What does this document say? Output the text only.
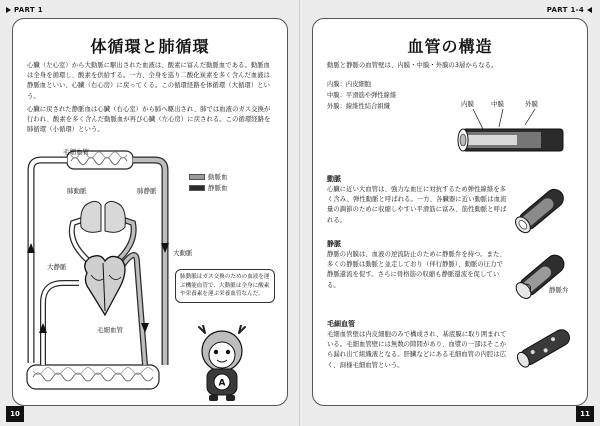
PART 1
体循環と肺循環
心臓（左心室）から大動脈に駆出された血液は、酸素に富んだ動脈血である。動脈血は全身を循環し、酸素を供給する。一方、全身を巡り二酸化炭素を多く含んだ血液は静脈血といい、心臓（右心房）に戻ってくる。この循環経路を体循環（大循環）という。
心臓に戻された静脈血は心臓（右心室）から肺へ駆出され、肺では血液のガス交換が行われ、酸素を多く含んだ動脈血が再び心臓（左心房）に戻される。この循環経路を肺循環（小循環）という。
毛細血管
肺動脈	肺静脈
大動脈
大静脈
毛細血管
動脈血
静脈血
肺動脈はガス交換のための血液を運ぶ機能血管で、大動脈は全身に酸素や栄養素を運ぶ栄養血管なんだ。
A
10
PART 1-4
血管の構造
動脈と静脈の血管壁は、内膜・中膜・外膜の3層からなる。
内膜：内皮細胞
中膜：平滑筋や弾性線維
外膜：線維性結合組織	内膜	中膜	外膜
動脈
心臓に近い大血管は、強力な血圧に対抗するため弾性線維を多く含み、弾性動脈と呼ばれる。一方、各臓器に近い動脈は血流量の調節のために収縮しやすい平滑筋に富み、筋性動脈と呼ばれる。
静脈
静脈の内膜は、血液の逆流防止のために静脈弁を持つ。また、多くの静脈は動脈と並走しており（伴行静脈）、動脈の圧力で静脈還流を促す。さらに骨格筋の収縮も静脈還流を促している。
静脈弁
毛細血管
毛細血管壁は内皮細胞のみで構成され、基底膜に取り囲まれている。毛細血管壁には無数の隙間があり、血漿の一部はそこから漏れ出て組織液となる。肝臓などにある毛細血管の内腔は広く、洞様毛細血管という。
11
